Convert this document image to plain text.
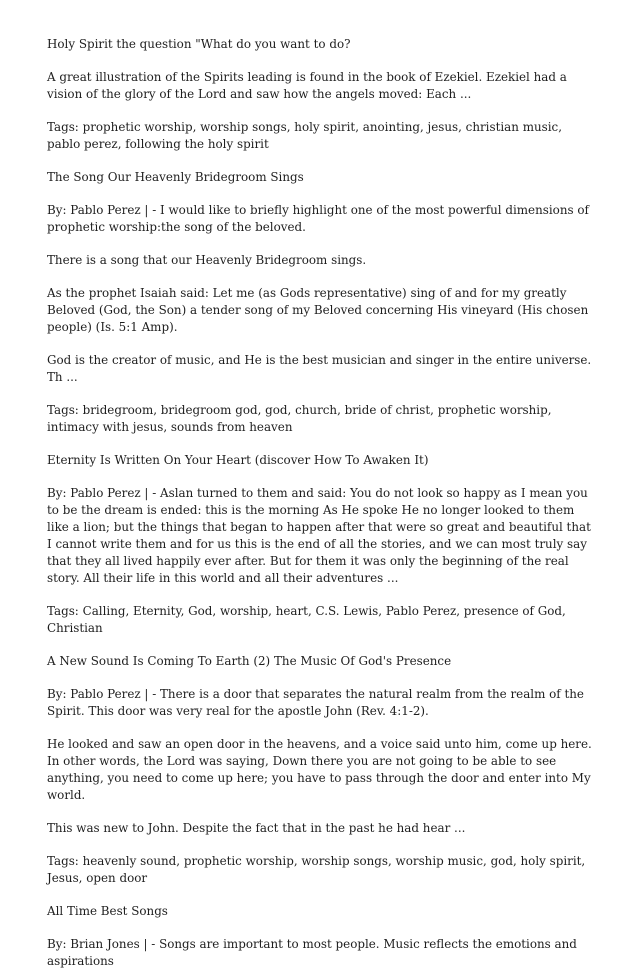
Holy Spirit the question "What do you want to do?

A great illustration of the Spirits leading is found in the book of Ezekiel. Ezekiel had a vision of the glory of the Lord and saw how the angels moved: Each ...

Tags: prophetic worship, worship songs, holy spirit, anointing, jesus, christian music, pablo perez, following the holy spirit

The Song Our Heavenly Bridegroom Sings

By: Pablo Perez | - I would like to briefly highlight one of the most powerful dimensions of prophetic worship:the song of the beloved.

There is a song that our Heavenly Bridegroom sings.

As the prophet Isaiah said: Let me (as Gods representative) sing of and for my greatly Beloved (God, the Son) a tender song of my Beloved concerning His vineyard (His chosen people) (Is. 5:1 Amp).

God is the creator of music, and He is the best musician and singer in the entire universe. Th ...

Tags: bridegroom, bridegroom god, god, church, bride of christ, prophetic worship, intimacy with jesus, sounds from heaven

Eternity Is Written On Your Heart (discover How To Awaken It)

By: Pablo Perez | - Aslan turned to them and said: You do not look so happy as I mean you to be the dream is ended: this is the morning As He spoke He no longer looked to them like a lion; but the things that began to happen after that were so great and beautiful that I cannot write them and for us this is the end of all the stories, and we can most truly say that they all lived happily ever after. But for them it was only the beginning of the real story. All their life in this world and all their adventures ...

Tags: Calling, Eternity, God, worship, heart, C.S. Lewis, Pablo Perez, presence of God, Christian

A New Sound Is Coming To Earth (2) The Music Of God's Presence

By: Pablo Perez | - There is a door that separates the natural realm from the realm of the Spirit. This door was very real for the apostle John (Rev. 4:1-2).

He looked and saw an open door in the heavens, and a voice said unto him, come up here. In other words, the Lord was saying, Down there you are not going to be able to see anything, you need to come up here; you have to pass through the door and enter into My world.

This was new to John. Despite the fact that in the past he had hear ...

Tags: heavenly sound, prophetic worship, worship songs, worship music, god, holy spirit, Jesus, open door

All Time Best Songs

By: Brian Jones | - Songs are important to most people. Music reflects the emotions and aspirations
